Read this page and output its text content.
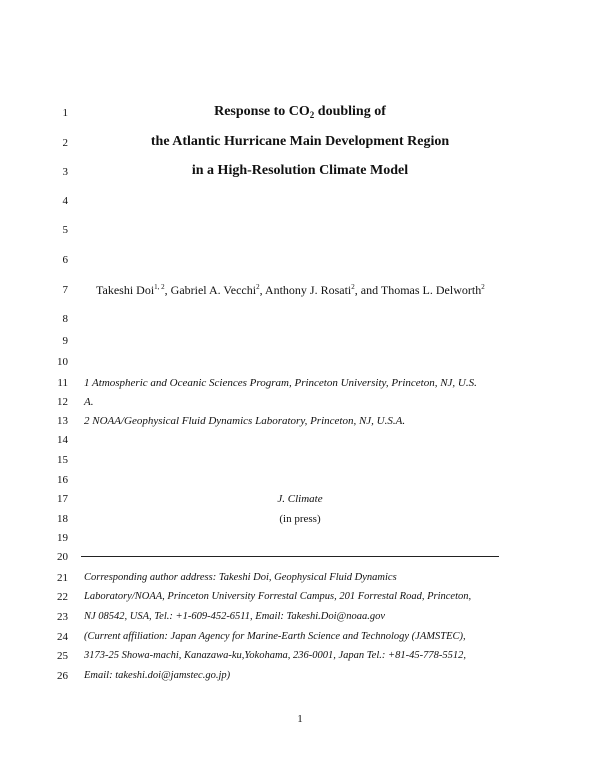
1
2
3
4
5
6
7
8
9
10
11
12
13
14
15
16
17
18
19
20
21
22
23
24
25
26
Response to $CO_2$ doubling of
the Atlantic Hurricane Main Development Region
in a High-Resolution Climate Model
Takeshi Doi$^{1, 2}$, Gabriel A. Vecchi$^2$, Anthony J. Rosati$^2$, and Thomas L. Delworth$^2$
1 Atmospheric and Oceanic Sciences Program, Princeton University, Princeton, NJ, U.S.
A.
2 NOAA/Geophysical Fluid Dynamics Laboratory, Princeton, NJ, U.S.A.
J. Climate
(in press)
Corresponding author address: Takeshi Doi, Geophysical Fluid Dynamics
Laboratory/NOAA, Princeton University Forrestal Campus, 201 Forrestal Road, Princeton,
NJ 08542, USA, Tel.: +1-609-452-6511, Email: Takeshi.Doi@noaa.gov
(Current affiliation: Japan Agency for Marine-Earth Science and Technology (JAMSTEC),
3173-25 Showa-machi, Kanazawa-ku,Yokohama, 236-0001, Japan Tel.: +81-45-778-5512,
Email: takeshi.doi@jamstec.go.jp)
1
